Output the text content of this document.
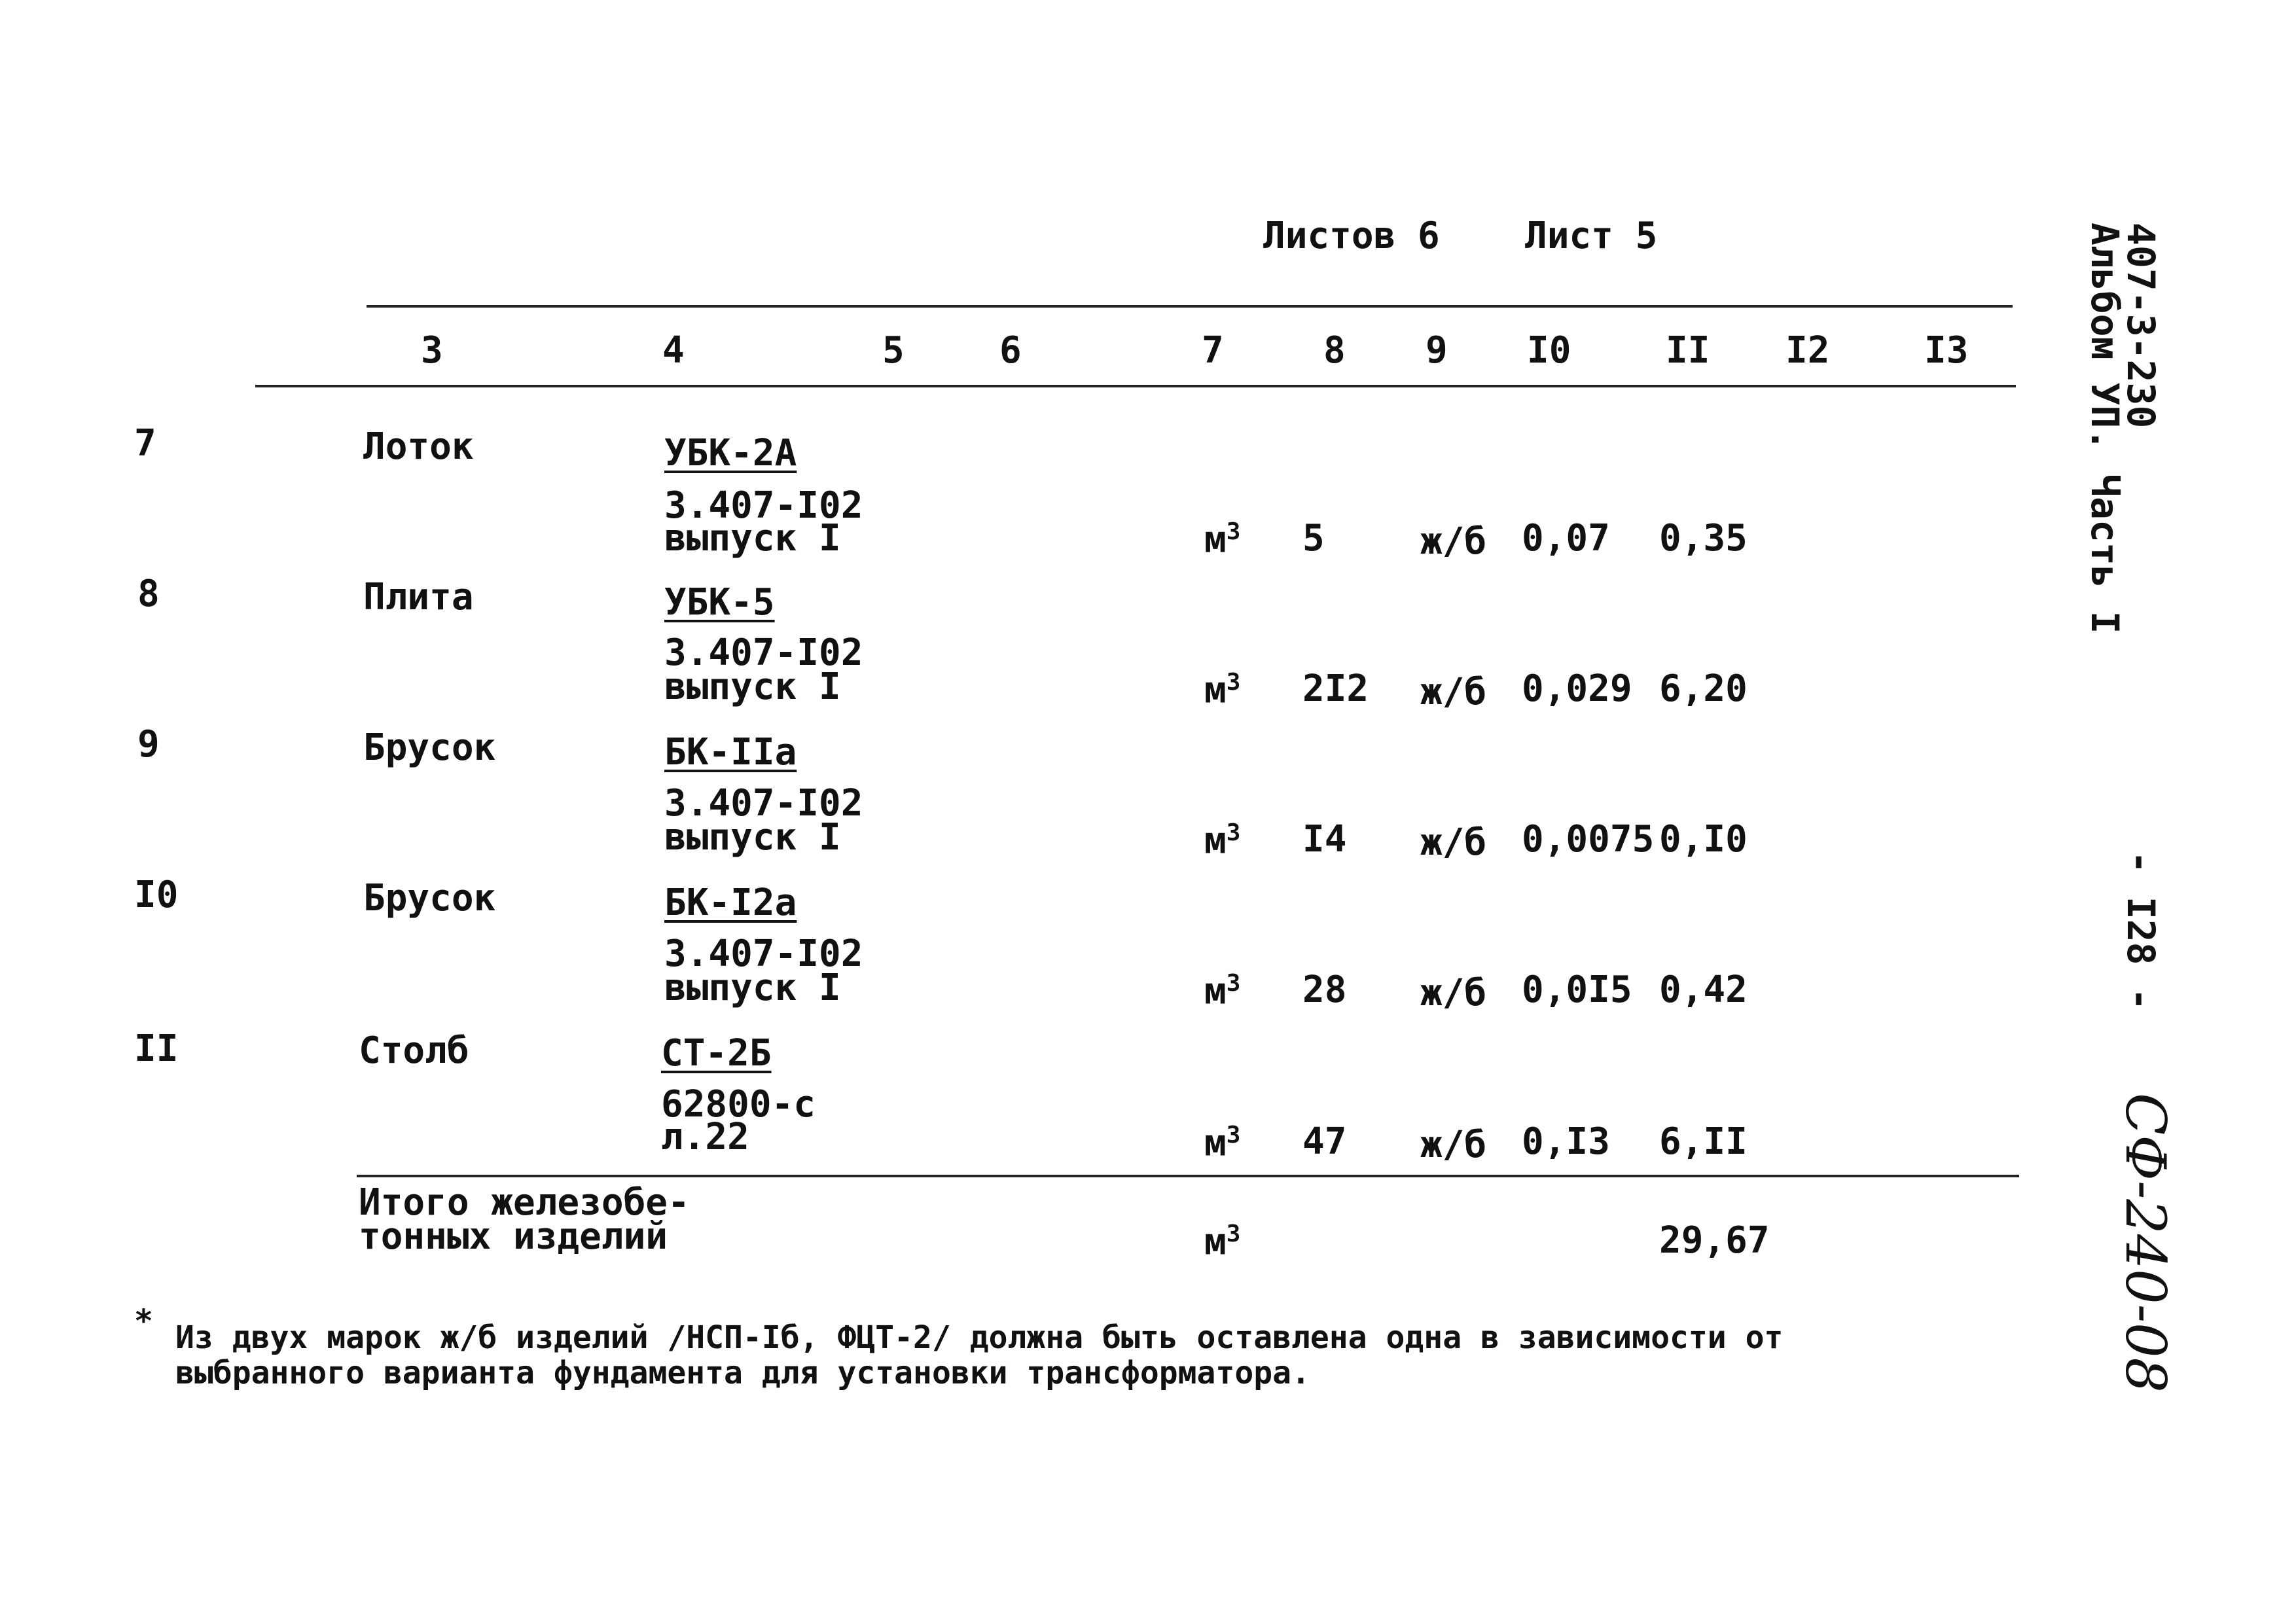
Листов 6 Лист 5
3	4	5	6	7	8 9 I0	II I2	I3
7	Лоток	УБК-2А
3.407-I02
выпуск I	$м^3$ 5	ж/б 0,07 0,35
8	Плита	УБК-5
3.407-I02
выпуск I	$м^3$ 2I2 ж/б 0,029 6,20
9	Брусок	БК-IIа
3.407-I02
выпуск I	$м^3$ I4 ж/б 0,0075 0,I0
I0	Брусок	БК-I2а
3.407-I02
выпуск I	$м^3$ 28 ж/б 0,0I5 0,42
II	Столб	СТ-2Б
62800-с
л.22	$м^3$ 47 ж/б 0,I3 6,II
Итого железобе-
тонных изделий	$м^3$	29,67
* Из двух марок ж/б изделий /НСП-Iб, ФЦТ-2/ должна быть оставлена одна в зависимости от
выбранного варианта фундамента для установки трансформатора.
407-3-230
Альбом УП. Часть I
- I28 -
СФ-240-08
